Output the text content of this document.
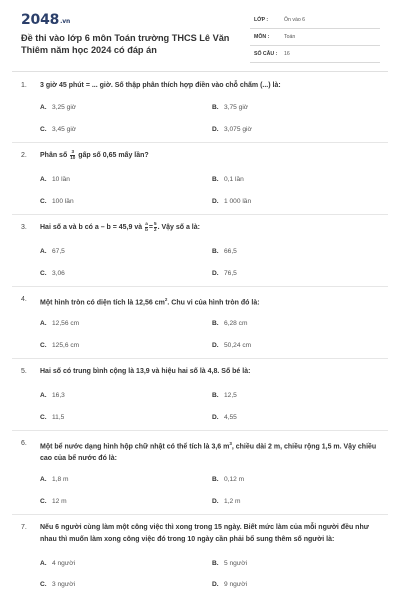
2048.vn
Đề thi vào lớp 6 môn Toán trường THCS Lê Văn Thiêm năm học 2024 có đáp án
LỚP :	Ôn vào 6
MÔN :	Toán
SỐ CÂU : 16
1. 3 giờ 45 phút = ... giờ. Số thập phân thích hợp điền vào chỗ chấm (...) là:
A. 3,25 giờ	B. 3,75 giờ
C. 3,45 giờ	D. 3,075 giờ
2. Phân số $\frac{3}{10}$ gấp số 0,65 mấy lần?
A. 10 lần	B. 0,1 lần
C. 100 lần	D. 1 000 lần
3. Hai số a và b có a – b = 45,9 và $\frac{a}{b} = \frac{5}{2}$ . Vậy số a là:
A. 67,5	B. 66,5
C. 3,06	D. 76,5
4. Một hình tròn có diện tích là 12,56 $cm^2$. Chu vi của hình tròn đó là:
A. 12,56 cm	B. 6,28 cm
C. 125,6 cm	D. 50,24 cm
5. Hai số có trung bình cộng là 13,9 và hiệu hai số là 4,8. Số bé là:
A. 16,3	B. 12,5
C. 11,5	D. 4,55
6. Một bể nước dạng hình hộp chữ nhật có thể tích là 3,6 $m^3$, chiều dài 2 m, chiều rộng 1,5 m. Vậy chiều cao của bể nước đó là:
A. 1,8 m	B. 0,12 m
C. 12 m	D. 1,2 m
7. Nếu 6 người cùng làm một công việc thì xong trong 15 ngày. Biết mức làm của mỗi người đều như nhau thì muốn làm xong công việc đó trong 10 ngày cần phải bổ sung thêm số người là:
A. 4 người	B. 5 người
C. 3 người	D. 9 người
